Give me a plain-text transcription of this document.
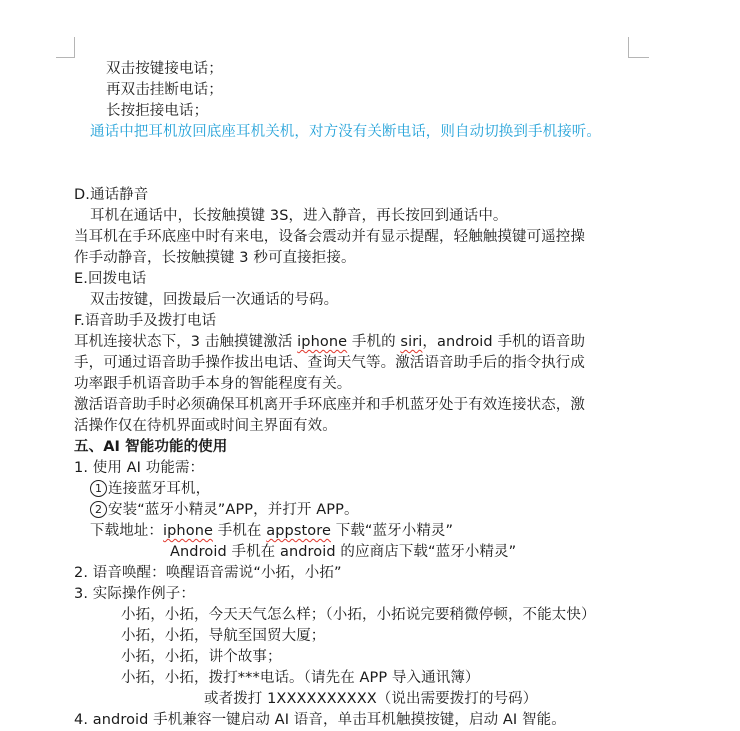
双击按键接电话；
再双击挂断电话；
长按拒接电话；
通话中把耳机放回底座耳机关机，对方没有关断电话，则自动切换到手机接听。
D.通话静音
耳机在通话中，长按触摸键 3S，进入静音，再长按回到通话中。
当耳机在手环底座中时有来电，设备会震动并有显示提醒，轻触触摸键可遥控操
作手动静音，长按触摸键 3 秒可直接拒接。
E.回拨电话
双击按键，回拨最后一次通话的号码。
F.语音助手及拨打电话
耳机连接状态下，3 击触摸键激活 iphone 手机的 siri，android 手机的语音助
手，可通过语音助手操作拔出电话、查询天气等。激活语音助手后的指令执行成
功率跟手机语音助手本身的智能程度有关。
激活语音助手时必须确保耳机离开手环底座并和手机蓝牙处于有效连接状态，激
活操作仅在待机界面或时间主界面有效。
五、AI 智能功能的使用
1. 使用 AI 功能需：
1 连接蓝牙耳机，
2 安装“蓝牙小精灵”APP，并打开 APP。
下载地址：iphone 手机在 appstore 下载“蓝牙小精灵”
Android 手机在 android 的应商店下载“蓝牙小精灵”
2. 语音唤醒：唤醒语音需说“小拓，小拓”
3. 实际操作例子：
小拓，小拓，今天天气怎么样；（小拓，小拓说完要稍微停顿，不能太快）
小拓，小拓，导航至国贸大厦；
小拓，小拓，讲个故事；
小拓，小拓，拨打***电话。（请先在 APP 导入通讯簿）
或者拨打 1XXXXXXXXXX（说出需要拨打的号码）
4. android 手机兼容一键启动 AI 语音，单击耳机触摸按键，启动 AI 智能。
